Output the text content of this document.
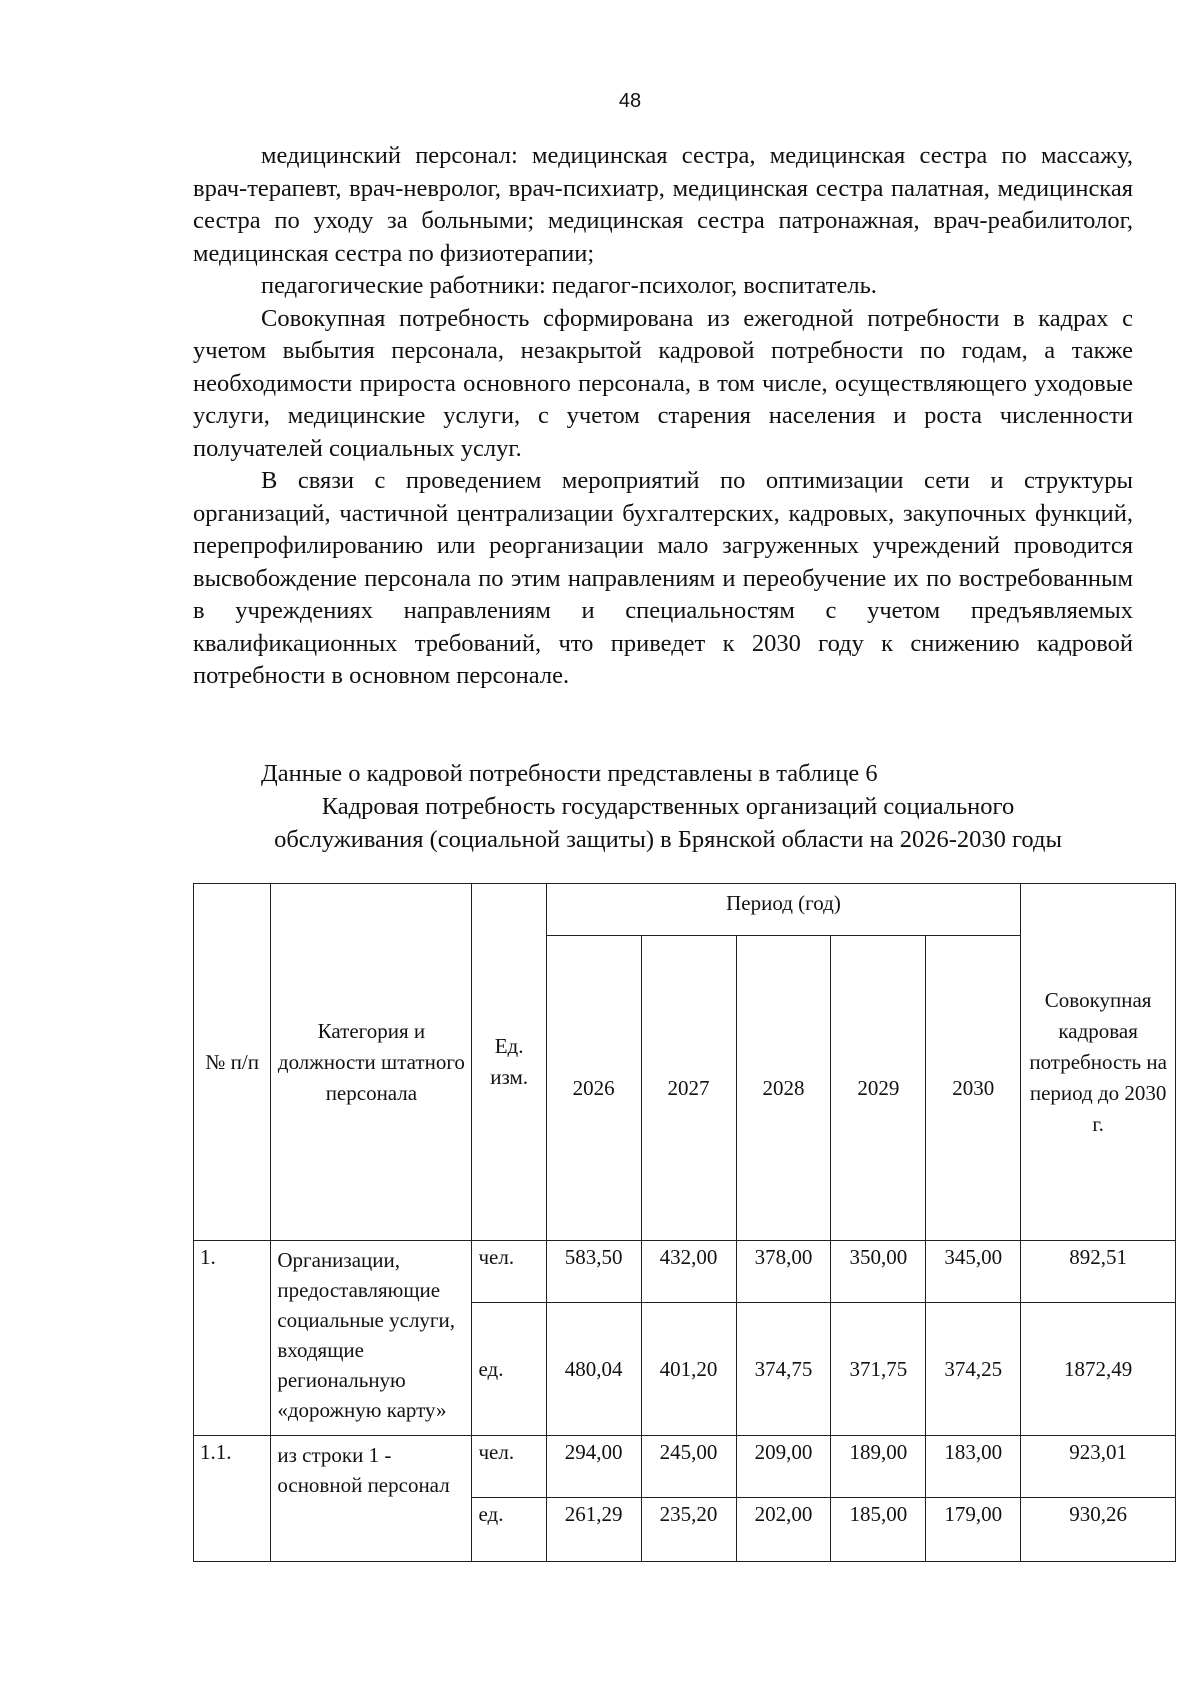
48

медицинский персонал: медицинская сестра, медицинская сестра по массажу, врач-терапевт, врач-невролог, врач-психиатр, медицинская сестра палатная, медицинская сестра по уходу за больными; медицинская сестра патронажная, врач-реабилитолог, медицинская сестра по физиотерапии;

педагогические работники: педагог-психолог, воспитатель.

Совокупная потребность сформирована из ежегодной потребности в кадрах с учетом выбытия персонала, незакрытой кадровой потребности по годам, а также необходимости прироста основного персонала, в том числе, осуществляющего уходовые услуги, медицинские услуги, с учетом старения населения и роста численности получателей социальных услуг.

В связи с проведением мероприятий по оптимизации сети и структуры организаций, частичной централизации бухгалтерских, кадровых, закупочных функций, перепрофилированию или реорганизации мало загруженных учреждений проводится высвобождение персонала по этим направлениям и переобучение их по востребованным в учреждениях направлениям и специальностям с учетом предъявляемых квалификационных требований, что приведет к 2030 году к снижению кадровой потребности в основном персонале.

Данные о кадровой потребности представлены в таблице 6
Кадровая потребность государственных организаций социального
обслуживания (социальной защиты) в Брянской области на 2026-2030 годы
№ п/п	Категория и должности штатного персонала	Ед. изм.	Период (год)					Совокупная кадровая потребность на период до 2030 г.
			2026	2027	2028	2029	2030	
1.	Организации, предоставляющие социальные услуги, входящие региональную «дорожную карту»	чел.	583,50	432,00	378,00	350,00	345,00	892,51
		ед.	480,04	401,20	374,75	371,75	374,25	1872,49
1.1.	из строки 1 - основной персонал	чел.	294,00	245,00	209,00	189,00	183,00	923,01
		ед.	261,29	235,20	202,00	185,00	179,00	930,26
